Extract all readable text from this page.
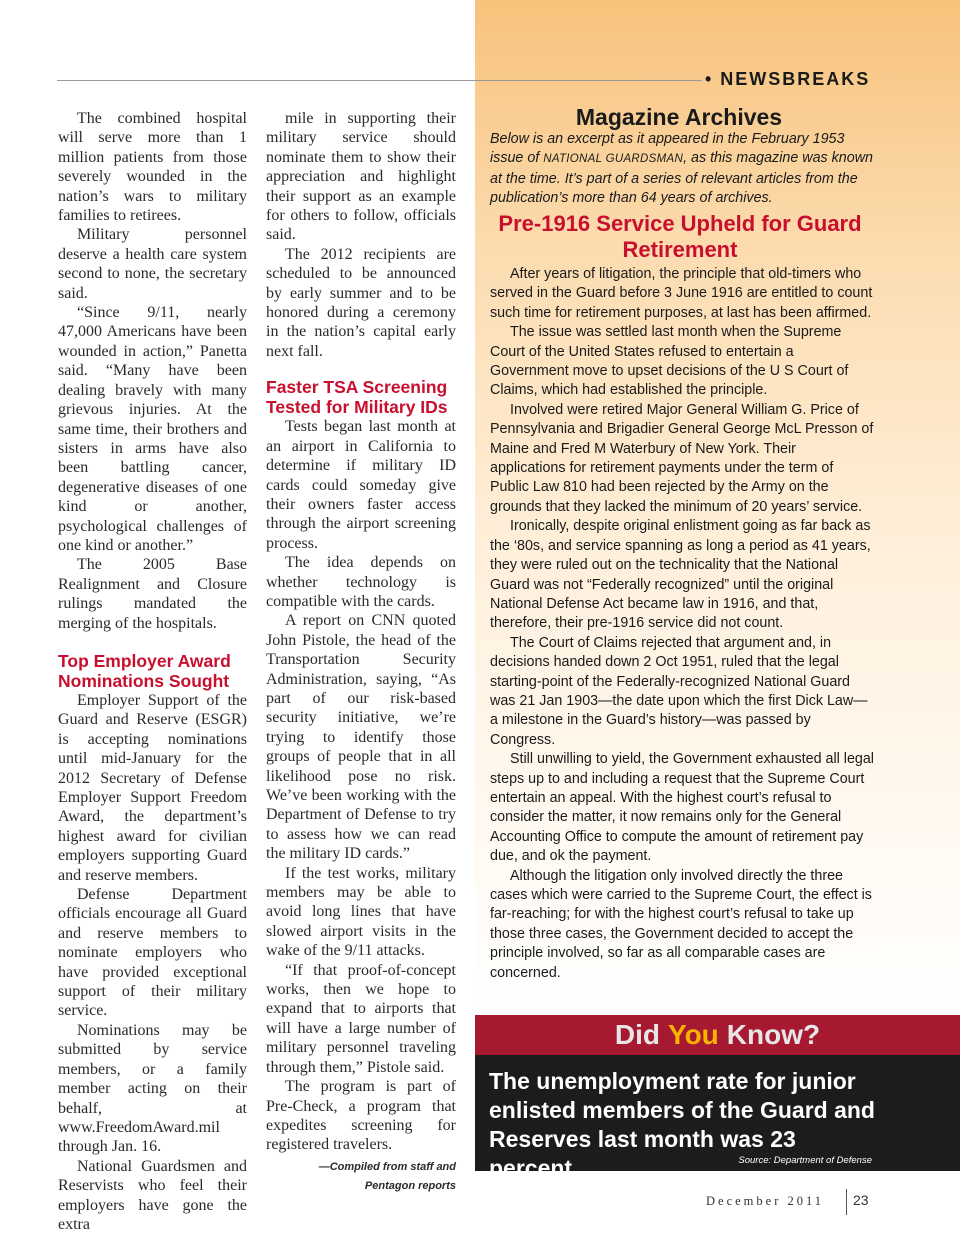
• NEWSBREAKS

The combined hospital will serve more than 1 million patients from those severely wounded in the nation’s wars to military families to retirees.

Military personnel deserve a health care system second to none, the secretary said.

“Since 9/11, nearly 47,000 Americans have been wounded in action,” Panetta said. “Many have been dealing bravely with many grievous injuries. At the same time, their brothers and sisters in arms have also been battling cancer, degenerative diseases of one kind or another, psychological challenges of one kind or another.”

The 2005 Base Realignment and Closure rulings mandated the merging of the hospitals.

Top Employer Award Nominations Sought

Employer Support of the Guard and Reserve (ESGR) is accepting nominations until mid-January for the 2012 Secretary of Defense Employer Support Freedom Award, the department’s highest award for civilian employers supporting Guard and reserve members.

Defense Department officials encourage all Guard and reserve members to nominate employers who have provided exceptional support of their military service.

Nominations may be submitted by service members, or a family member acting on their behalf, at www.FreedomAward.mil through Jan. 16.

National Guardsmen and Reservists who feel their employers have gone the extra

mile in supporting their military service should nominate them to show their appreciation and highlight their support as an example for others to follow, officials said.

The 2012 recipients are scheduled to be announced by early summer and to be honored during a ceremony in the nation’s capital early next fall.

Faster TSA Screening Tested for Military IDs

Tests began last month at an airport in California to determine if military ID cards could someday give their owners faster access through the airport screening process.

The idea depends on whether technology is compatible with the cards.

A report on CNN quoted John Pistole, the head of the Transportation Security Administration, saying, “As part of our risk-based security initiative, we’re trying to identify those groups of people that in all likelihood pose no risk. We’ve been working with the Department of Defense to try to assess how we can read the military ID cards.”

If the test works, military members may be able to avoid long lines that have slowed airport visits in the wake of the 9/11 attacks.

“If that proof-of-concept works, then we hope to expand that to airports that will have a large number of military personnel traveling through them,” Pistole said.

The program is part of Pre-Check, a program that expedites screening for registered travelers.

—Compiled from staff and Pentagon reports
Magazine Archives
Below is an excerpt as it appeared in the February 1953 issue of NATIONAL GUARDSMAN, as this magazine was known at the time. It’s part of a series of relevant articles from the publication’s more than 64 years of archives.
Pre-1916 Service Upheld for Guard Retirement

After years of litigation, the principle that old-timers who served in the Guard before 3 June 1916 are entitled to count such time for retirement purposes, at last has been affirmed.

The issue was settled last month when the Supreme Court of the United States refused to entertain a Government move to upset decisions of the U S Court of Claims, which had established the principle.

Involved were retired Major General William G. Price of Pennsylvania and Brigadier General George McL Presson of Maine and Fred M Waterbury of New York. Their applications for retirement payments under the term of Public Law 810 had been rejected by the Army on the grounds that they lacked the minimum of 20 years’ service.

Ironically, despite original enlistment going as far back as the ‘80s, and service spanning as long a period as 41 years, they were ruled out on the technicality that the National Guard was not “Federally recognized” until the original National Defense Act became law in 1916, and that, therefore, their pre-1916 service did not count.

The Court of Claims rejected that argument and, in decisions handed down 2 Oct 1951, ruled that the legal starting-point of the Federally-recognized National Guard was 21 Jan 1903—the date upon which the first Dick Law—a milestone in the Guard’s history—was passed by Congress.

Still unwilling to yield, the Government exhausted all legal steps up to and including a request that the Supreme Court entertain an appeal. With the highest court’s refusal to consider the matter, it now remains only for the General Accounting Office to compute the amount of retirement pay due, and ok the payment.

Although the litigation only involved directly the three cases which were carried to the Supreme Court, the effect is far-reaching; for with the highest court’s refusal to take up those three cases, the Government decided to accept the principle involved, so far as all comparable cases are concerned.

Did You Know?
The unemployment rate for junior enlisted members of the Guard and Reserves last month was 23 percent.	Source: Department of Defense
December 2011 23
